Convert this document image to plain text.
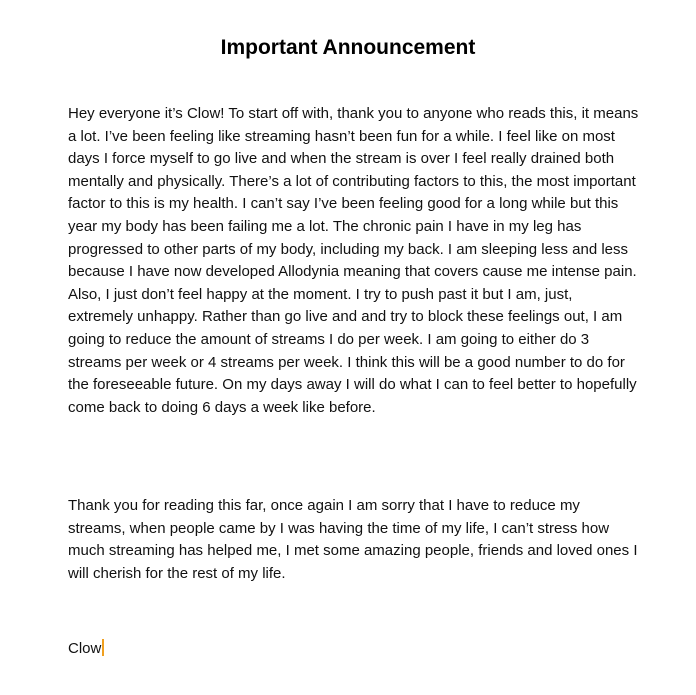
Important Announcement

Hey everyone it’s Clow! To start off with, thank you to anyone who reads this, it means a lot. I’ve been feeling like streaming hasn’t been fun for a while. I feel like on most days I force myself to go live and when the stream is over I feel really drained both mentally and physically. There’s a lot of contributing factors to this, the most important factor to this is my health. I can’t say I’ve been feeling good for a long while but this year my body has been failing me a lot. The chronic pain I have in my leg has progressed to other parts of my body, including my back. I am sleeping less and less because I have now developed Allodynia meaning that covers cause me intense pain. Also, I just don’t feel happy at the moment. I try to push past it but I am, just, extremely unhappy. Rather than go live and and try to block these feelings out, I am going to reduce the amount of streams I do per week. I am going to either do 3 streams per week or 4 streams per week. I think this will be a good number to do for the foreseeable future. On my days away I will do what I can to feel better to hopefully come back to doing 6 days a week like before.

Thank you for reading this far, once again I am sorry that I have to reduce my streams, when people came by I was having the time of my life, I can’t stress how much streaming has helped me, I met some amazing people, friends and loved ones I will cherish for the rest of my life.

Clow
